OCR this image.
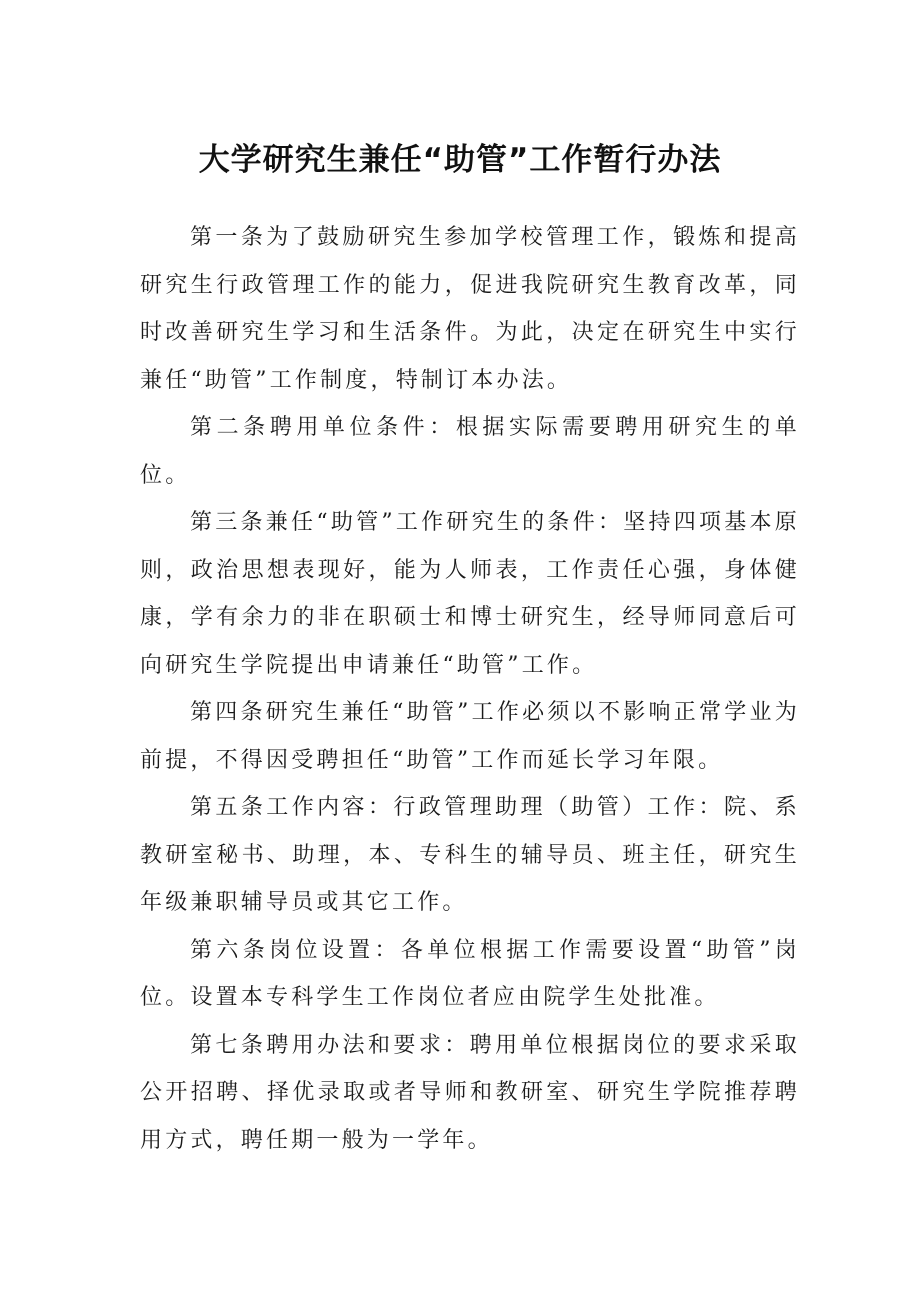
大学研究生兼任“助管”工作暂行办法

第一条为了鼓励研究生参加学校管理工作，锻炼和提高研究生行政管理工作的能力，促进我院研究生教育改革，同时改善研究生学习和生活条件。为此，决定在研究生中实行兼任“助管”工作制度，特制订本办法。

第二条聘用单位条件：根据实际需要聘用研究生的单位。

第三条兼任“助管”工作研究生的条件：坚持四项基本原则，政治思想表现好，能为人师表，工作责任心强，身体健康，学有余力的非在职硕士和博士研究生，经导师同意后可向研究生学院提出申请兼任“助管”工作。

第四条研究生兼任“助管”工作必须以不影响正常学业为前提，不得因受聘担任“助管”工作而延长学习年限。

第五条工作内容：行政管理助理（助管）工作：院、系教研室秘书、助理，本、专科生的辅导员、班主任，研究生年级兼职辅导员或其它工作。

第六条岗位设置：各单位根据工作需要设置“助管”岗位。设置本专科学生工作岗位者应由院学生处批准。

第七条聘用办法和要求：聘用单位根据岗位的要求采取公开招聘、择优录取或者导师和教研室、研究生学院推荐聘用方式，聘任期一般为一学年。
